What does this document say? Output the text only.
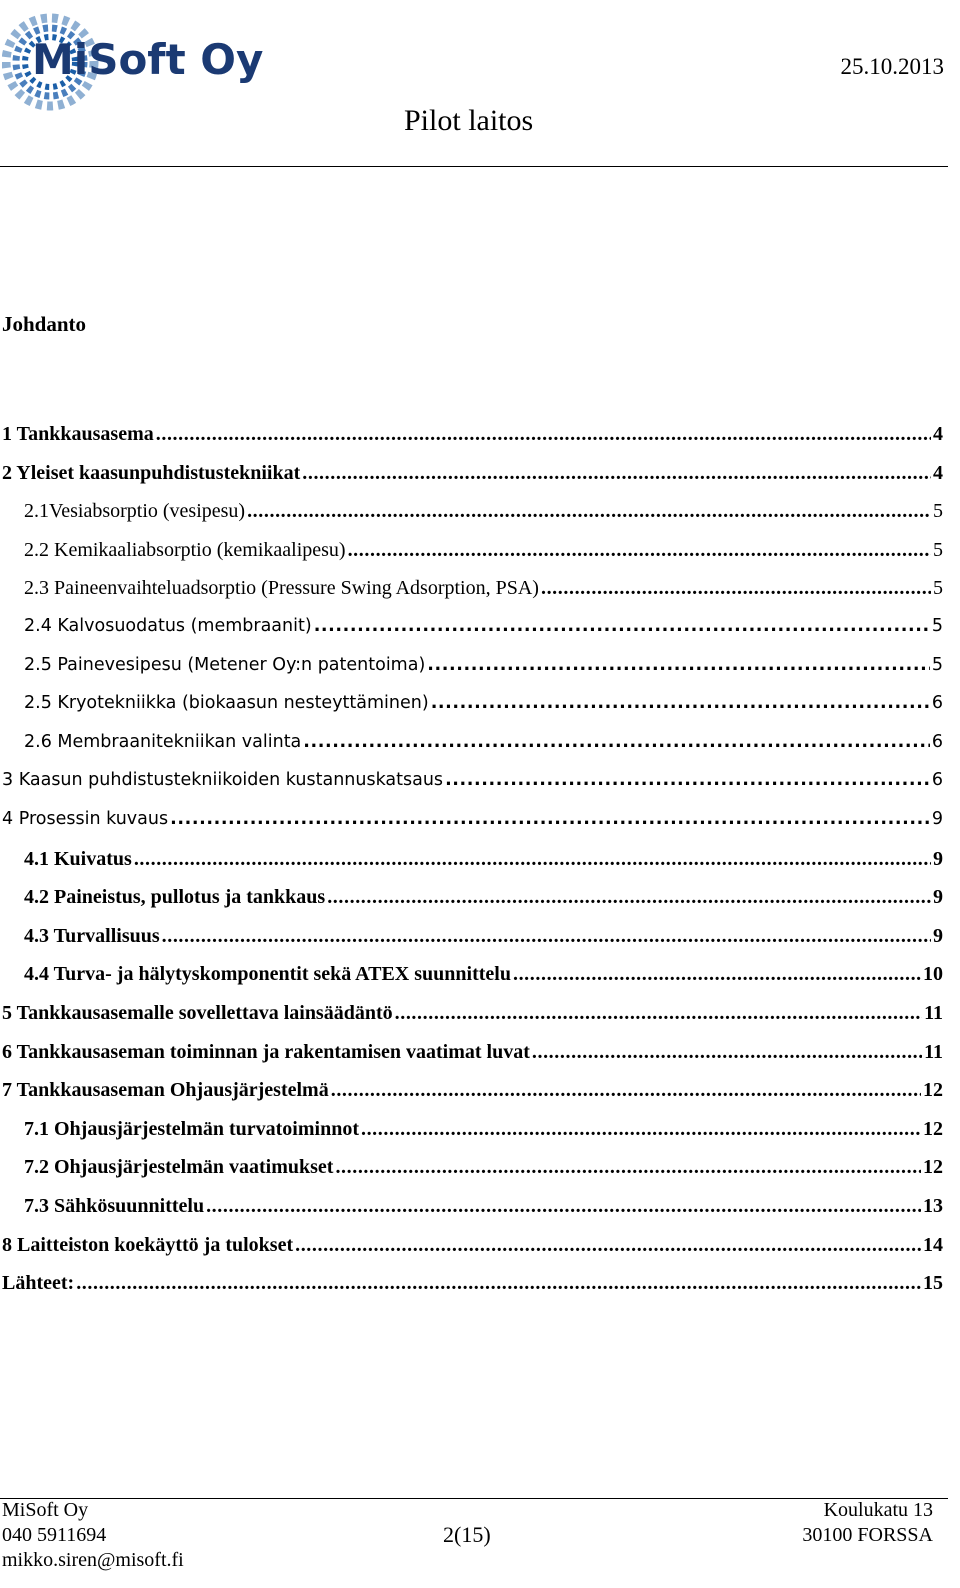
MiSoft Oy	25.10.2013
Pilot laitos
Johdanto
1 Tankkausasema .....	4
2 Yleiset kaasunpuhdistustekniikat .....	4
2.1Vesiabsorptio (vesipesu) .....	5
2.2 Kemikaaliabsorptio (kemikaalipesu) .....	5
2.3 Paineenvaihteluadsorptio (Pressure Swing Adsorption, PSA) .....	5
2.4 Kalvosuodatus (membraanit) .....	5
2.5 Painevesipesu (Metener Oy:n patentoima) .....	5
2.5 Kryotekniikka (biokaasun nesteyttäminen) .....	6
2.6 Membraanitekniikan valinta .....	6
3 Kaasun puhdistustekniikoiden kustannuskatsaus .....	6
4 Prosessin kuvaus .....	9
4.1 Kuivatus .....	9
4.2 Paineistus, pullotus ja tankkaus .....	9
4.3 Turvallisuus .....	9
4.4 Turva- ja hälytyskomponentit sekä ATEX suunnittelu .....	10
5 Tankkausasemalle sovellettava lainsäädäntö .....	11
6 Tankkausaseman toiminnan ja rakentamisen vaatimat luvat .....	11
7 Tankkausaseman Ohjausjärjestelmä .....	12
7.1 Ohjausjärjestelmän turvatoiminnot .....	12
7.2 Ohjausjärjestelmän vaatimukset .....	12
7.3 Sähkösuunnittelu .....	13
8 Laitteiston koekäyttö ja tulokset .....	14
Lähteet: .....	15
MiSoft Oy
040 5911694
mikko.siren@misoft.fi
2(15)
Koulukatu 13
30100 FORSSA
